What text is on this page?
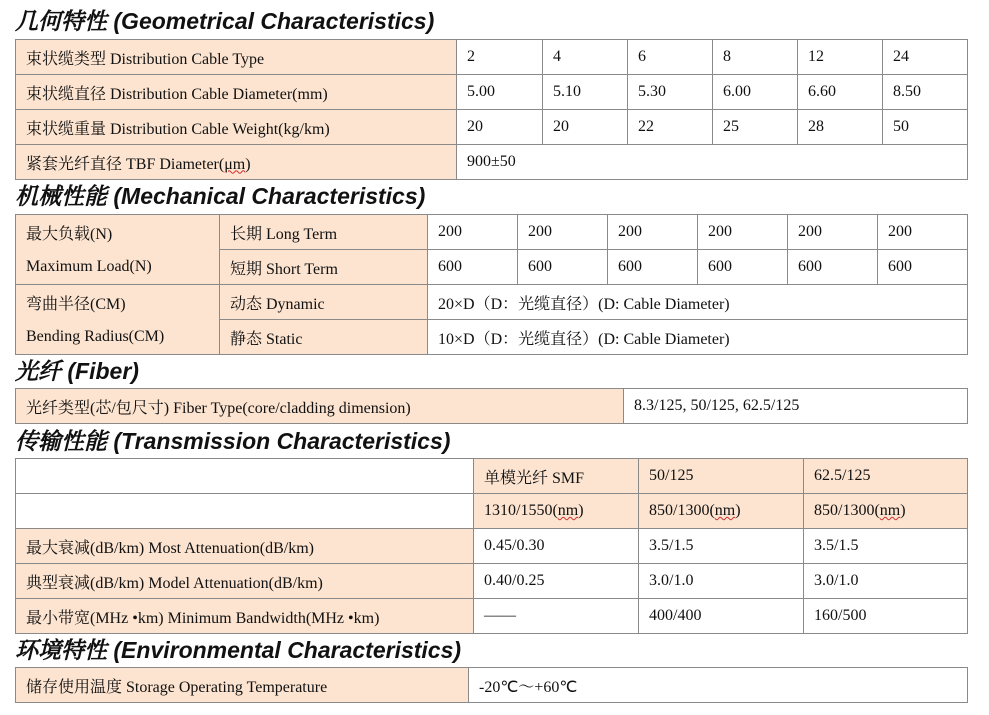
几何特性 (Geometrical Characteristics)
束状缆类型 Distribution Cable Type	2	4	6	8	12	24
束状缆直径 Distribution Cable Diameter(mm)	5.00	5.10	5.30	6.00	6.60	8.50
束状缆重量 Distribution Cable Weight(kg/km)	20	20	22	25	28	50
紧套光纤直径 TBF Diameter(μm)	900±50					
机械性能 (Mechanical Characteristics)
最大负载(N)	长期 Long Term	200	200	200	200	200	200
Maximum Load(N)	短期 Short Term	600	600	600	600	600	600
弯曲半径(CM)	动态 Dynamic	20×D（D：光缆直径）(D: Cable Diameter)					
Bending Radius(CM)	静态 Static	10×D（D：光缆直径）(D: Cable Diameter)					
光纤 (Fiber)
光纤类型(芯/包尺寸) Fiber Type(core/cladding dimension)	8.3/125, 50/125, 62.5/125
传输性能 (Transmission Characteristics)
	单模光纤 SMF	50/125	62.5/125
	1310/1550(nm)	850/1300(nm)	850/1300(nm)
最大衰减(dB/km) Most Attenuation(dB/km)	0.45/0.30	3.5/1.5	3.5/1.5
典型衰减(dB/km) Model Attenuation(dB/km)	0.40/0.25	3.0/1.0	3.0/1.0
最小带宽(MHz •km) Minimum Bandwidth(MHz •km)	——	400/400	160/500
环境特性 (Environmental Characteristics)
储存使用温度 Storage Operating Temperature	-20℃～+60℃
